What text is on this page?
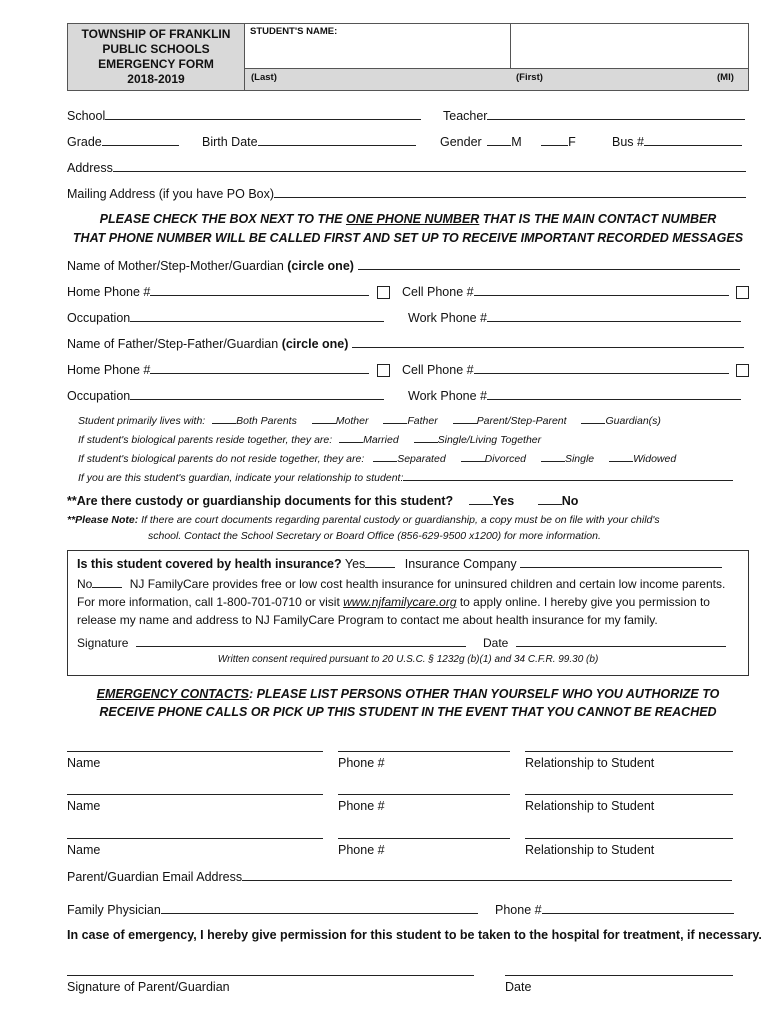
TOWNSHIP OF FRANKLIN
PUBLIC SCHOOLS
EMERGENCY FORM
2018-2019
STUDENT'S NAME:
(Last)	(First)	(MI)
School	Teacher
Grade	Birth Date	Gender M	F	Bus #
Address
Mailing Address (if you have PO Box)
PLEASE CHECK THE BOX NEXT TO THE ONE PHONE NUMBER THAT IS THE MAIN CONTACT NUMBER
THAT PHONE NUMBER WILL BE CALLED FIRST AND SET UP TO RECEIVE IMPORTANT RECORDED MESSAGES
Name of Mother/Step-Mother/Guardian (circle one)
Home Phone #	Cell Phone #
Occupation	Work Phone #
Name of Father/Step-Father/Guardian (circle one)
Home Phone #	Cell Phone #
Occupation	Work Phone #
Student primarily lives with:	Both Parents	Mother	Father	Parent/Step-Parent	Guardian(s)
If student's biological parents reside together, they are:	Married	Single/Living Together
If student's biological parents do not reside together, they are:	Separated	Divorced	Single	Widowed
If you are this student's guardian, indicate your relationship to student:
**Are there custody or guardianship documents for this student?	Yes	No
**Please Note: If there are court documents regarding parental custody or guardianship, a copy must be on file with your child's
school. Contact the School Secretary or Board Office (856-629-9500 x1200) for more information.
Is this student covered by health insurance? Yes	Insurance Company
No	NJ FamilyCare provides free or low cost health insurance for uninsured children and certain low income parents.
For more information, call 1-800-701-0710 or visit www.njfamilycare.org to apply online. I hereby give you permission to
release my name and address to NJ FamilyCare Program to contact me about health insurance for my family.
Signature	Date
Written consent required pursuant to 20 U.S.C. § 1232g (b)(1) and 34 C.F.R. 99.30 (b)
EMERGENCY CONTACTS: PLEASE LIST PERSONS OTHER THAN YOURSELF WHO YOU AUTHORIZE TO
RECEIVE PHONE CALLS OR PICK UP THIS STUDENT IN THE EVENT THAT YOU CANNOT BE REACHED
Name	Phone #	Relationship to Student
Name	Phone #	Relationship to Student
Name	Phone #	Relationship to Student
Parent/Guardian Email Address
Family Physician	Phone #
In case of emergency, I hereby give permission for this student to be taken to the hospital for treatment, if necessary.
Signature of Parent/Guardian	Date
